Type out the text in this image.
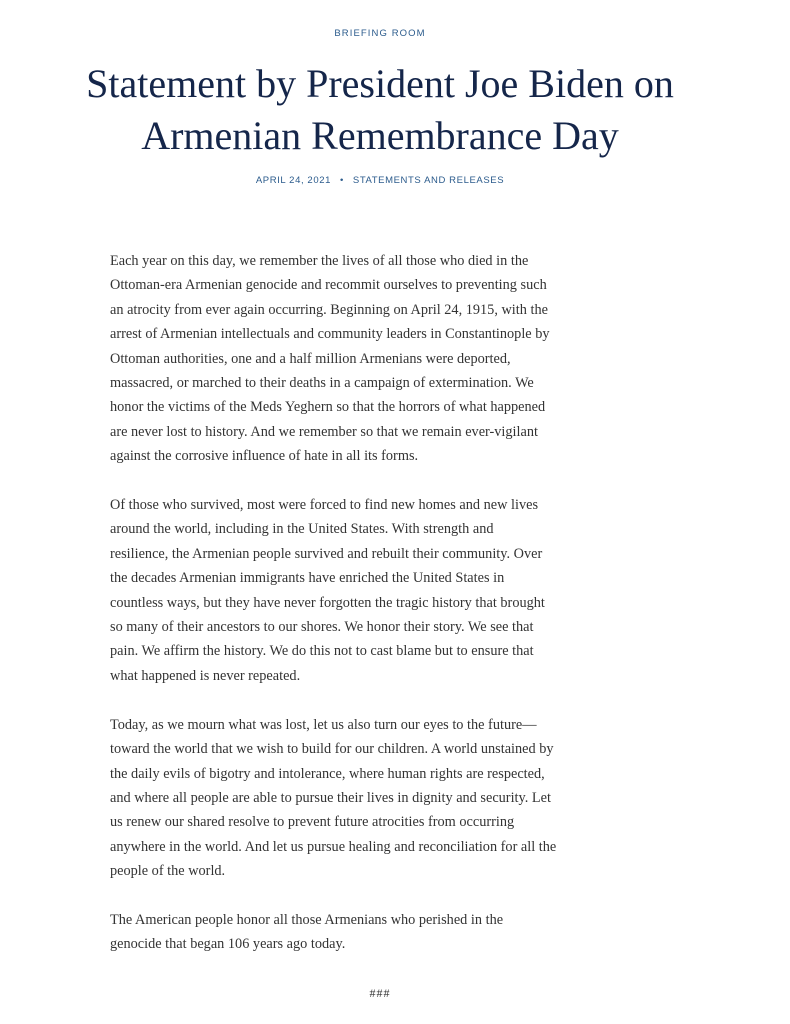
BRIEFING ROOM
Statement by President Joe Biden on
Armenian Remembrance Day
APRIL 24, 2021 • STATEMENTS AND RELEASES

Each year on this day, we remember the lives of all those who died in the
Ottoman-era Armenian genocide and recommit ourselves to preventing such
an atrocity from ever again occurring. Beginning on April 24, 1915, with the
arrest of Armenian intellectuals and community leaders in Constantinople by
Ottoman authorities, one and a half million Armenians were deported,
massacred, or marched to their deaths in a campaign of extermination. We
honor the victims of the Meds Yeghern so that the horrors of what happened
are never lost to history. And we remember so that we remain ever-vigilant
against the corrosive influence of hate in all its forms.

Of those who survived, most were forced to find new homes and new lives
around the world, including in the United States. With strength and
resilience, the Armenian people survived and rebuilt their community. Over
the decades Armenian immigrants have enriched the United States in
countless ways, but they have never forgotten the tragic history that brought
so many of their ancestors to our shores. We honor their story. We see that
pain. We affirm the history. We do this not to cast blame but to ensure that
what happened is never repeated.

Today, as we mourn what was lost, let us also turn our eyes to the future—
toward the world that we wish to build for our children. A world unstained by
the daily evils of bigotry and intolerance, where human rights are respected,
and where all people are able to pursue their lives in dignity and security. Let
us renew our shared resolve to prevent future atrocities from occurring
anywhere in the world. And let us pursue healing and reconciliation for all the
people of the world.

The American people honor all those Armenians who perished in the
genocide that began 106 years ago today.

###
